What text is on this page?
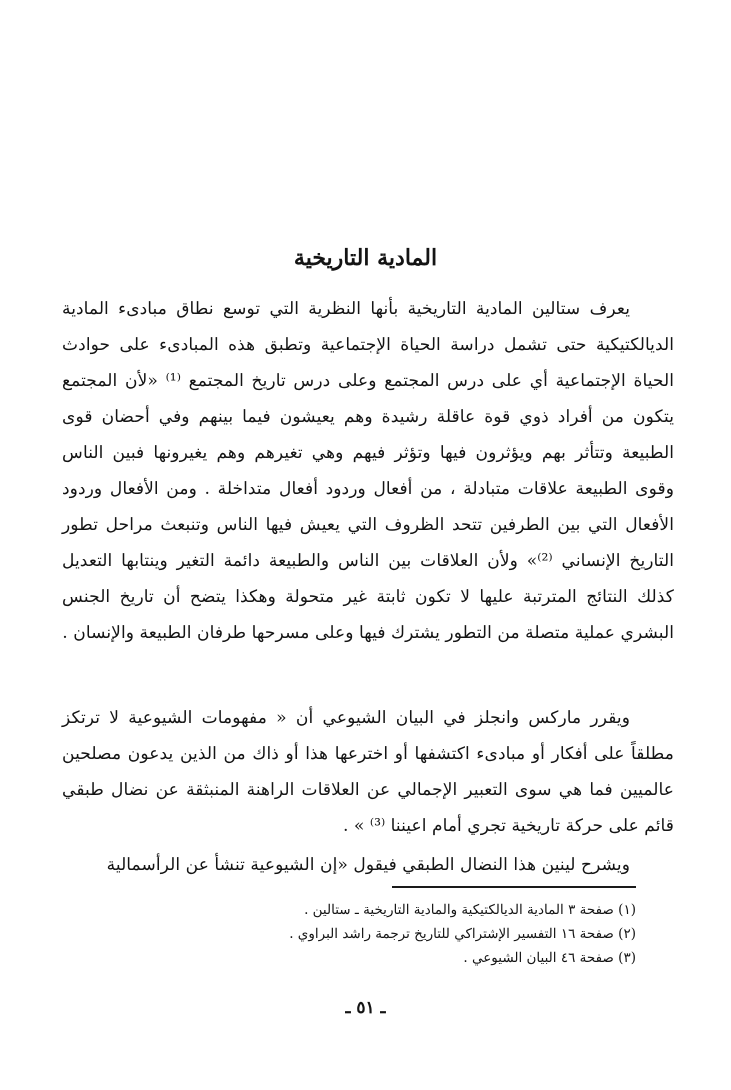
المادية التاريخية

يعرف ستالين المادية التاريخية بأنها النظرية التي توسع نطاق مبادىء المادية الديالكتيكية حتى تشمل دراسة الحياة الإجتماعية وتطبق هذه المبادىء على حوادث الحياة الإجتماعية أي على درس المجتمع وعلى درس تاريخ المجتمع ⁽¹⁾ «لأن المجتمع يتكون من أفراد ذوي قوة عاقلة رشيدة وهم يعيشون فيما بينهم وفي أحضان قوى الطبيعة وتتأثر بهم ويؤثرون فيها وتؤثر فيهم وهي تغيرهم وهم يغيرونها فبين الناس وقوى الطبيعة علاقات متبادلة ، من أفعال وردود أفعال متداخلة . ومن الأفعال وردود الأفعال التي بين الطرفين تتحد الظروف التي يعيش فيها الناس وتنبعث مراحل تطور التاريخ الإنساني ⁽²⁾» ولأن العلاقات بين الناس والطبيعة دائمة التغير وينتابها التعديل كذلك النتائج المترتبة عليها لا تكون ثابتة غير متحولة وهكذا يتضح أن تاريخ الجنس البشري عملية متصلة من التطور يشترك فيها وعلى مسرحها طرفان الطبيعة والإنسان .

ويقرر ماركس وانجلز في البيان الشيوعي أن « مفهومات الشيوعية لا ترتكز مطلقاً على أفكار أو مبادىء اكتشفها أو اخترعها هذا أو ذاك من الذين يدعون مصلحين عالميين فما هي سوى التعبير الإجمالي عن العلاقات الراهنة المنبثقة عن نضال طبقي قائم على حركة تاريخية تجري أمام اعيننا ⁽³⁾ » .

ويشرح لينين هذا النضال الطبقي فيقول «إن الشيوعية تنشأ عن الرأسمالية

(١) صفحة ٣ المادية الديالكتيكية والمادية التاريخية ـ ستالين .
(٢) صفحة ١٦ التفسير الإشتراكي للتاريخ ترجمة راشد البراوي .
(٣) صفحة ٤٦ البيان الشيوعي .
ـ ٥١ ـ
